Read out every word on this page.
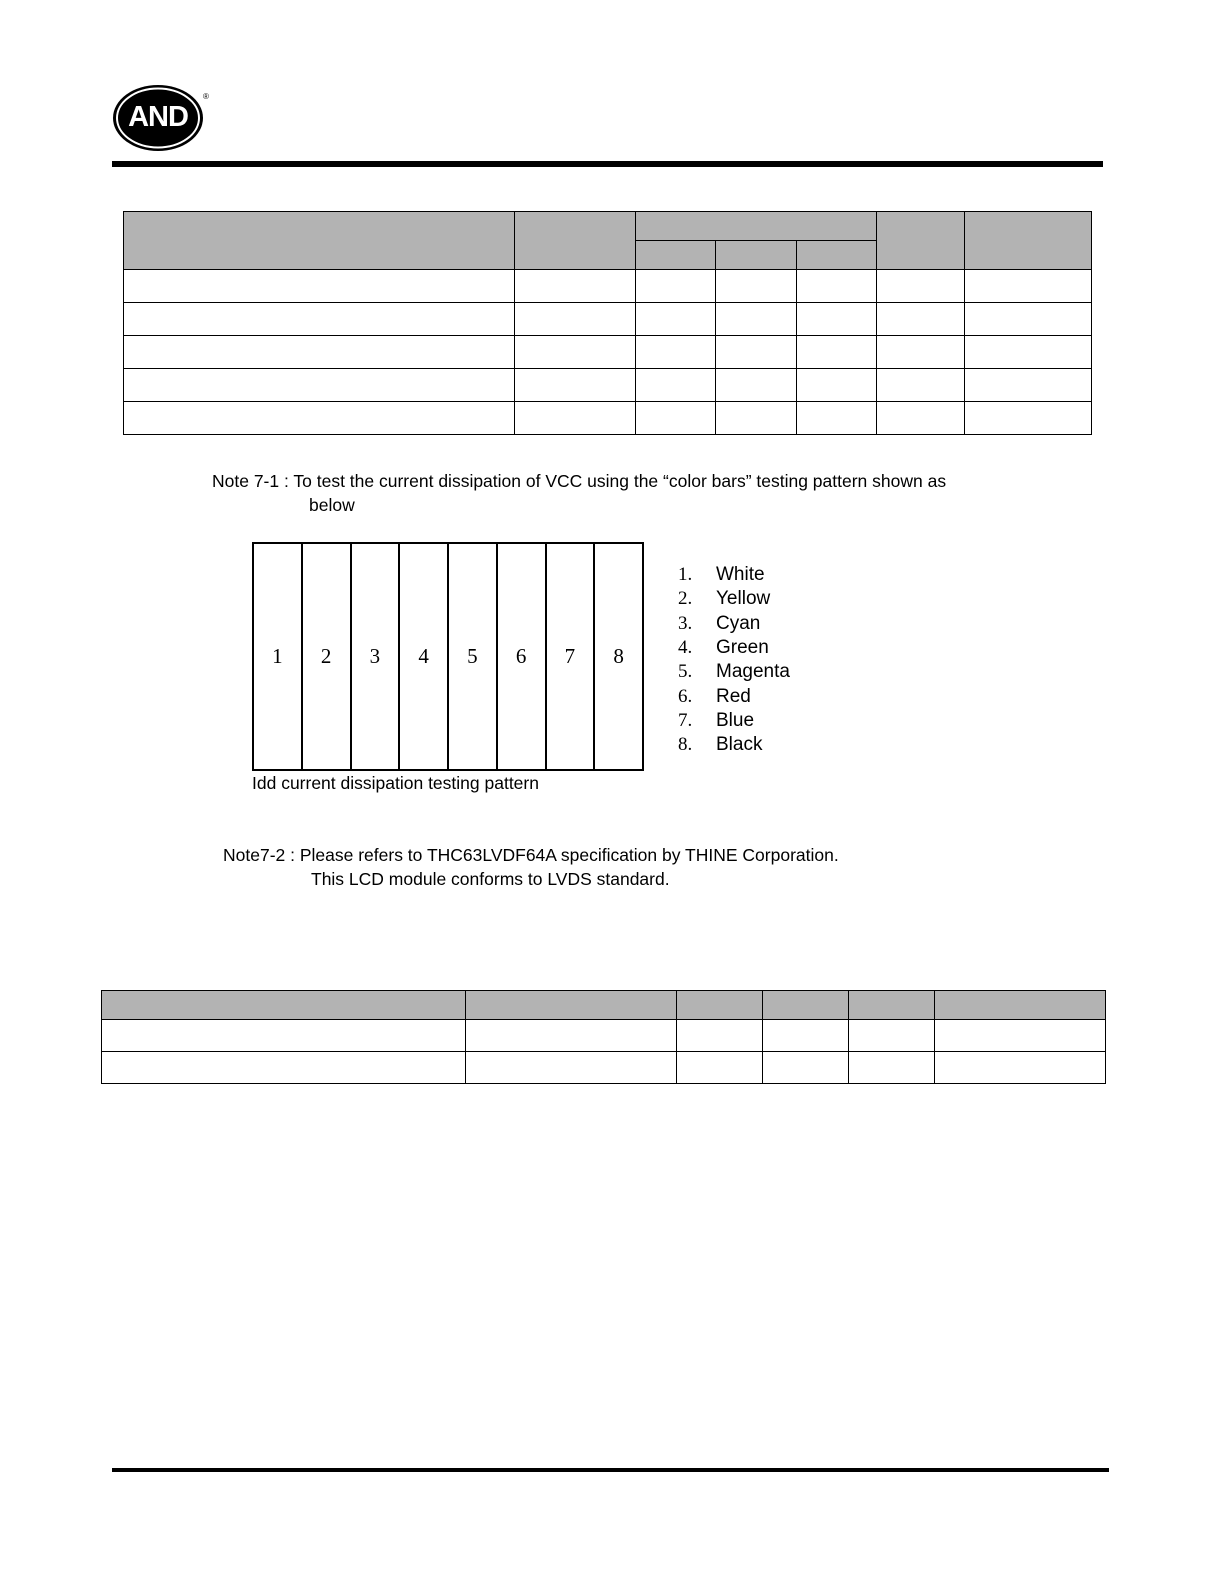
®
AND

Note 7-1 : To test the current dissipation of VCC using the “color bars” testing pattern shown as
below
1	2	3	4	5	6	7	8
Idd current dissipation testing pattern
1.	White
2.	Yellow
3.	Cyan
4.	Green
5.	Magenta
6.	Red
7.	Blue
8.	Black
Note7-2 : Please refers to THC63LVDF64A specification by THINE Corporation.
This LCD module conforms to LVDS standard.
